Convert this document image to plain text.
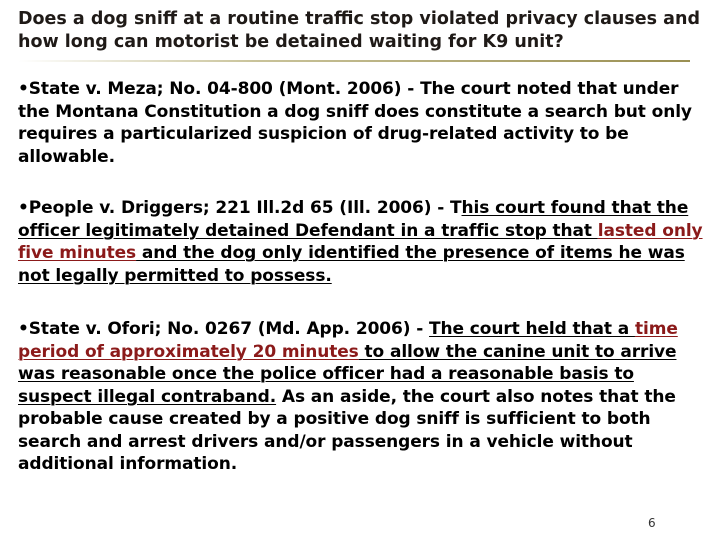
Does a dog sniff at a routine traffic stop violated privacy clauses and how long can motorist be detained waiting for K9 unit?
•State v. Meza; No. 04-800 (Mont. 2006) - The court noted that under the Montana Constitution a dog sniff does constitute a search but only requires a particularized suspicion of drug-related activity to be allowable.
•People v. Driggers; 221 Ill.2d 65 (Ill. 2006) - This court found that the officer legitimately detained Defendant in a traffic stop that lasted only five minutes and the dog only identified the presence of items he was not legally permitted to possess.
•State v. Ofori; No. 0267 (Md. App. 2006) - The court held that a time period of approximately 20 minutes to allow the canine unit to arrive was reasonable once the police officer had a reasonable basis to suspect illegal contraband. As an aside, the court also notes that the probable cause created by a positive dog sniff is sufficient to both search and arrest drivers and/or passengers in a vehicle without additional information.
6
